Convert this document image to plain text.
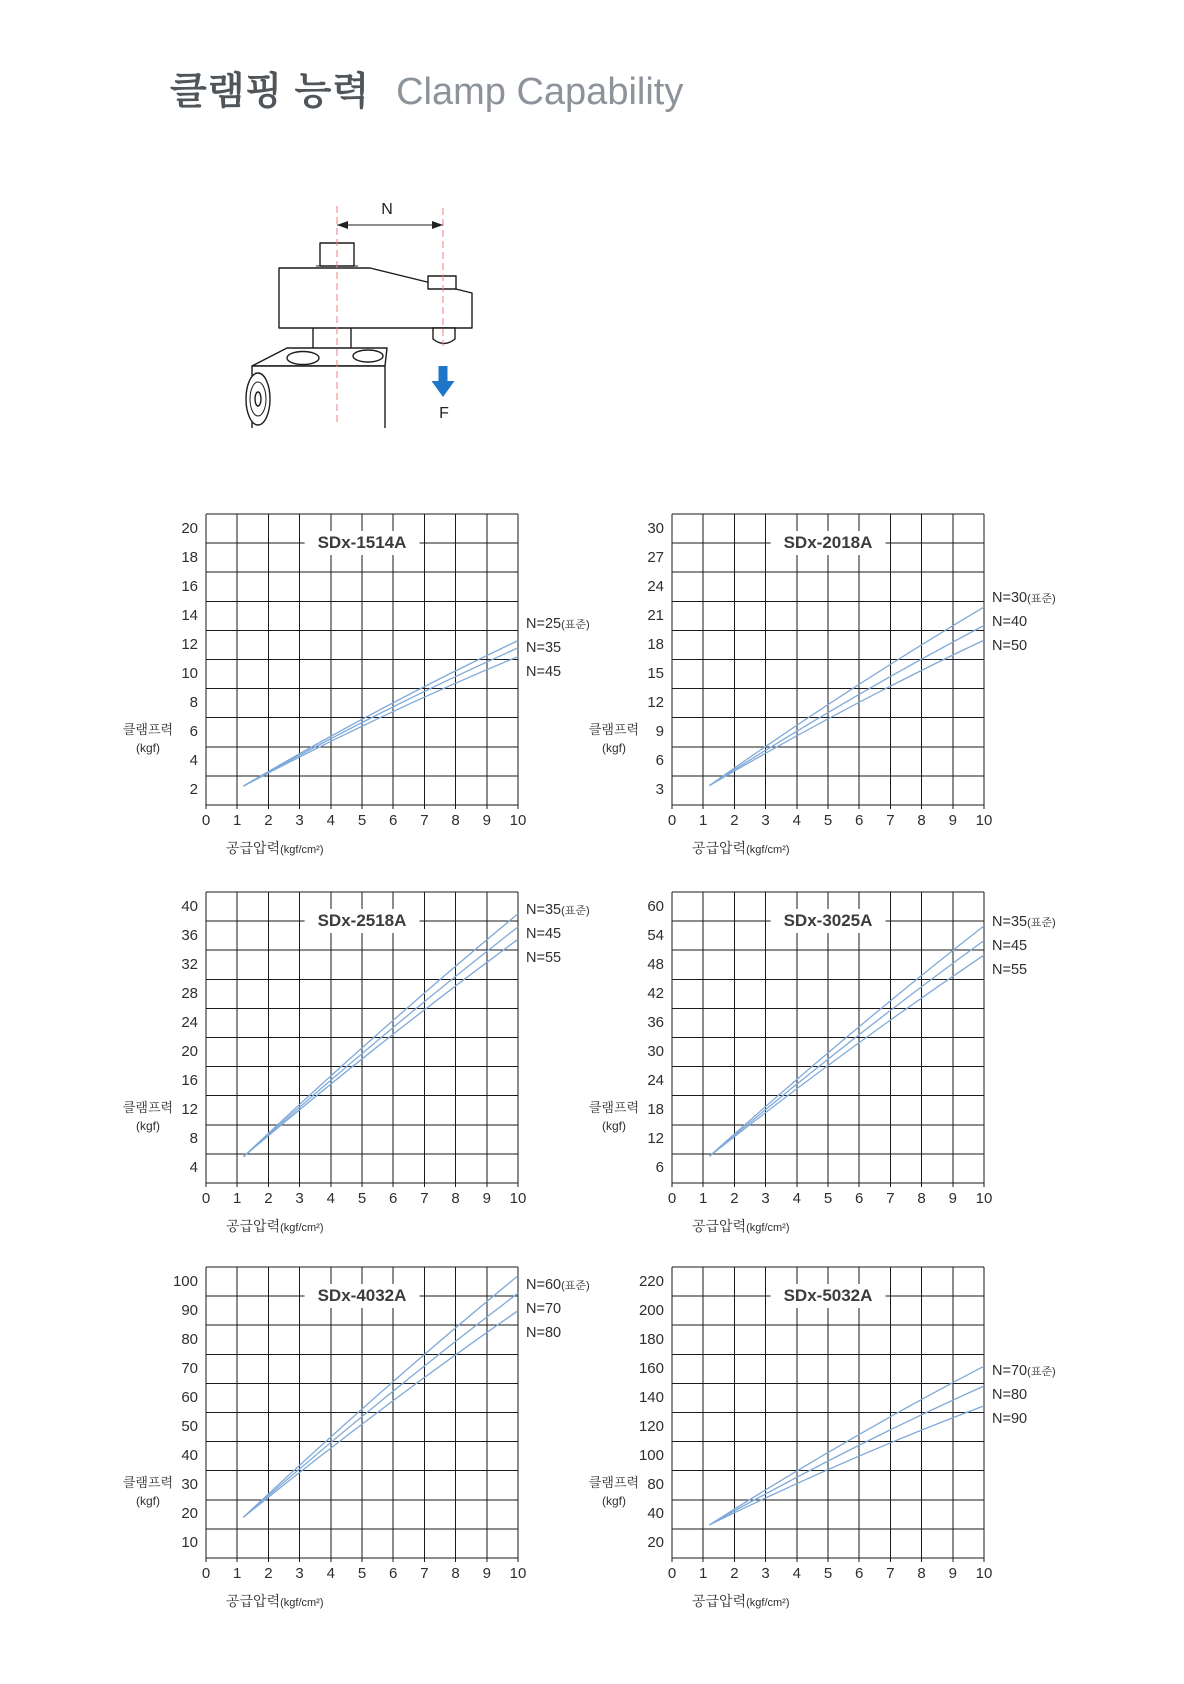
클램핑 능력 Clamp Capability
N
F
SDx-1514A
클램프력
(kgf)
공급압력(kgf/cm²)
N=25(표준)
N=35
N=45
20
18
16
14
12
10
8
6
4
2
0	1	2	3	4	5	6	7	8	9	10
SDx-2018A
클램프력
(kgf)
공급압력(kgf/cm²)
N=30(표준)
N=40
N=50
30
27
24
21
18
15
12
9
6
3
0	1	2	3	4	5	6	7	8	9	10
SDx-2518A
클램프력
(kgf)
공급압력(kgf/cm²)
N=35(표준)
N=45
N=55
40
36
32
28
24
20
16
12
8
4
0	1	2	3	4	5	6	7	8	9	10
SDx-3025A
클램프력
(kgf)
공급압력(kgf/cm²)
N=35(표준)
N=45
N=55
60
54
48
42
36
30
24
18
12
6
0	1	2	3	4	5	6	7	8	9	10
SDx-4032A
클램프력
(kgf)
공급압력(kgf/cm²)
N=60(표준)
N=70
N=80
100
90
80
70
60
50
40
30
20
10
0	1	2	3	4	5	6	7	8	9	10
SDx-5032A
클램프력
(kgf)
공급압력(kgf/cm²)
N=70(표준)
N=80
N=90
220
200
180
160
140
120
100
80
40
20
0	1	2	3	4	5	6	7	8	9	10
